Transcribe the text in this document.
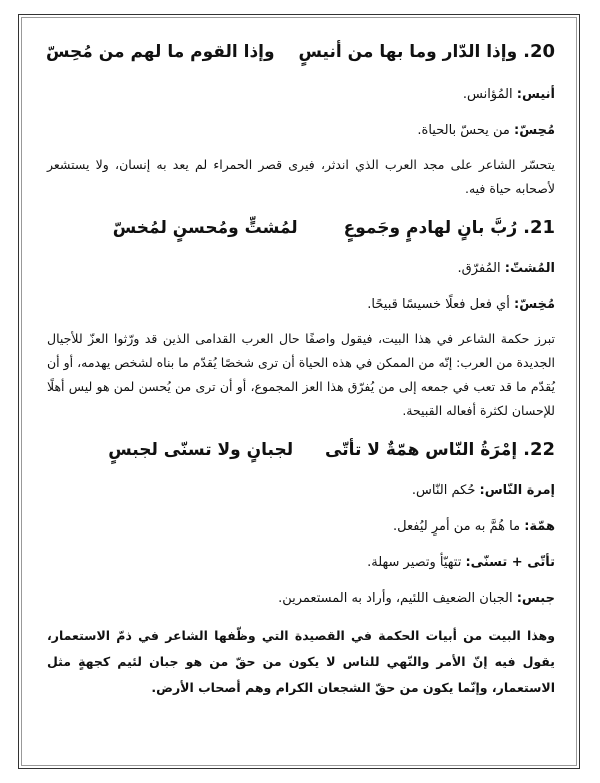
20. وإذا الدّار وما بها من أنيسٍ وإذا القوم ما لهم من مُحِسّ
أنيس: المُؤانس.
مُحِسّ: من يحسّ بالحياة.
يتحسّر الشاعر على مجد العرب الذي اندثر، فيرى قصر الحمراء لم يعد به إنسان، ولا يستشعر لأصحابه حياة فيه.
21. رُبَّ بانٍ لهادمٍ وجَموعٍ لمُشتٍّ ومُحسنٍ لمُخسّ
المُشتّ: المُفرّق.
مُخِسّ: أي فعل فعلًا خسيسًا قبيحًا.
تبرز حكمة الشاعر في هذا البيت، فيقول واصفًا حال العرب القدامى الذين قد ورّثوا العزّ للأجيال الجديدة من العرب: إنّه من الممكن في هذه الحياة أن ترى شخصًا يُقدّم ما بناه لشخص يهدمه، أو أن يُقدّم ما قد تعب في جمعه إلى من يُفرّق هذا العز المجموع، أو أن ترى من يُحسن لمن هو ليس أهلًا للإحسان لكثرة أفعاله القبيحة.
22. إمْرَةُ النّاس همّةٌ لا تأتّى لجبانٍ ولا تسنّى لجبسٍ
إمرة النّاس: حُكم النّاس.
همّة: ما هُمَّ به من أمرٍ ليُفعل.
تأتّى + تسنّى: تتهيّأ وتصير سهلة.
جبس: الجبان الضعيف اللئيم، وأراد به المستعمرين.
وهذا البيت من أبيات الحكمة في القصيدة التي وظّفها الشاعر في ذمّ الاستعمار، يقول فيه إنّ الأمر والنّهي للناس لا يكون من حقّ من هو جبان لئيم كجهةٍ مثل الاستعمار، وإنّما يكون من حقّ الشجعان الكرام وهم أصحاب الأرض.
